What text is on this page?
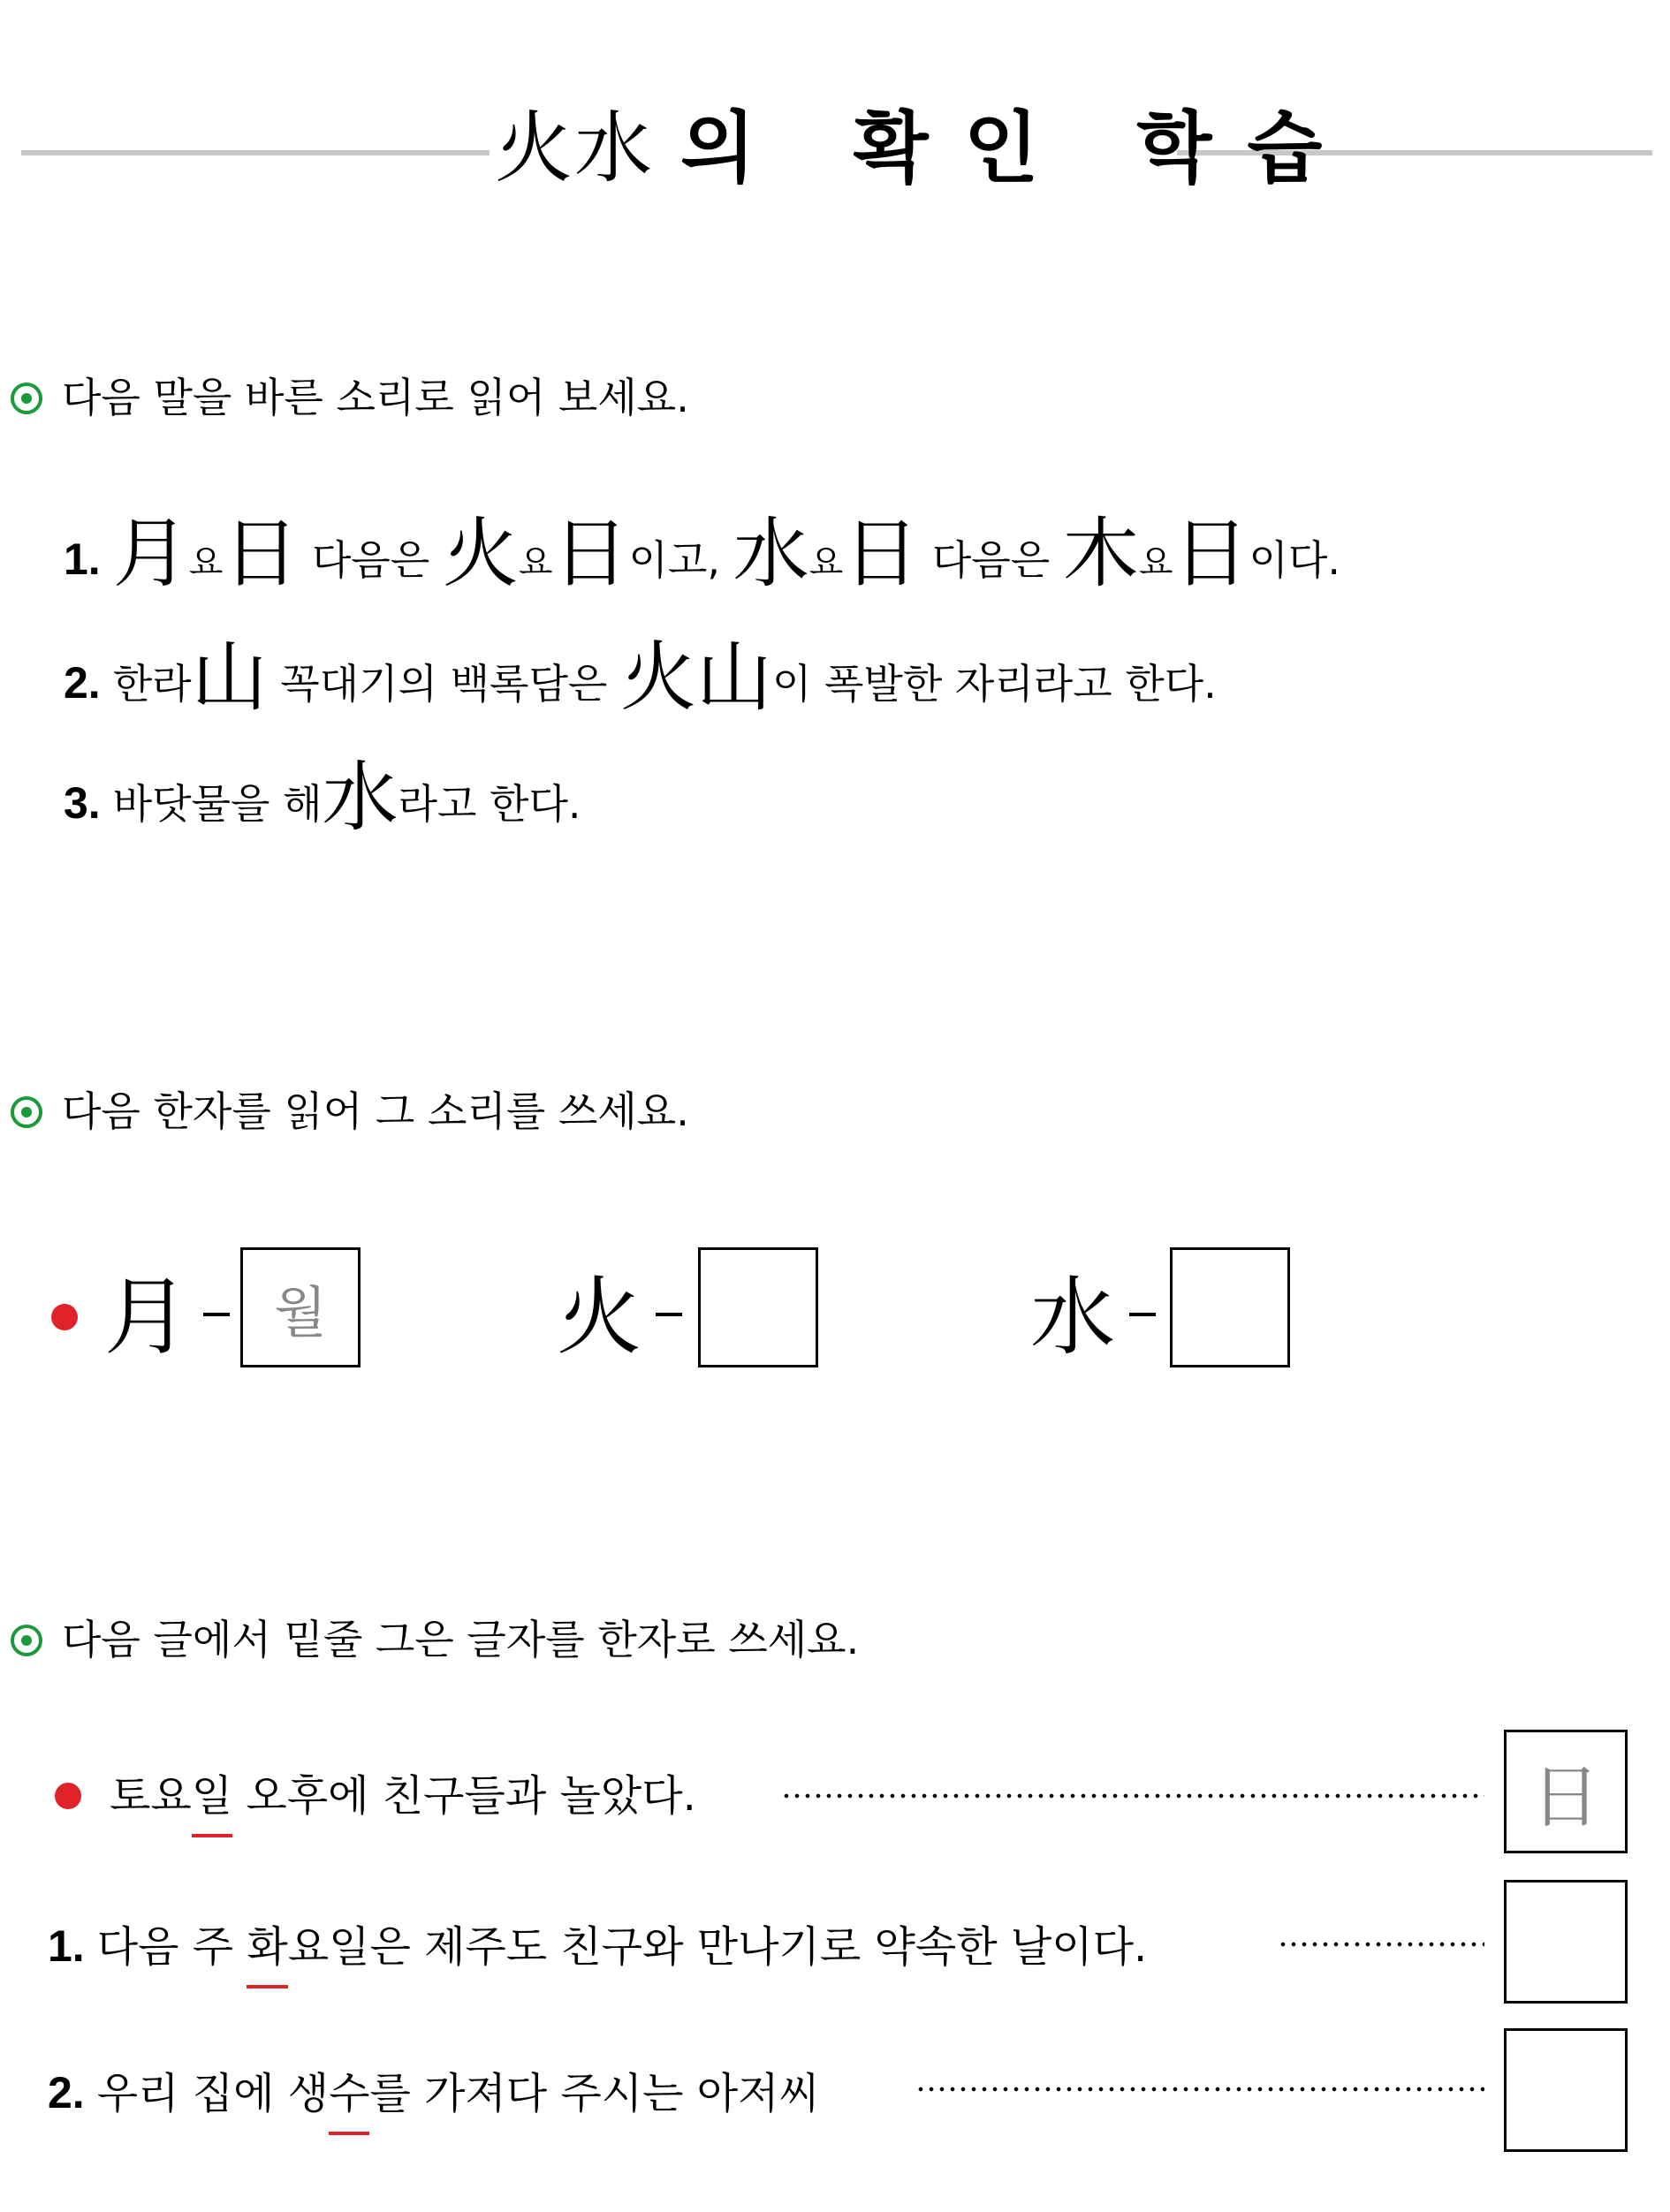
火水 의 확인 학습
다음 말을 바른 소리로 읽어 보세요.
1. 月요日 다음은 火요日이고, 水요日 다음은 木요日이다.
2. 한라山 꼭대기의 백록담은 火山이 폭발한 자리라고 한다.
3. 바닷물을 해水라고 한다.
다음 한자를 읽어 그 소리를 쓰세요.
月 월	火	水
다음 글에서 밑줄 그은 글자를 한자로 쓰세요.
토요일 오후에 친구들과 놀았다.	日
1. 다음 주 화요일은 제주도 친구와 만나기로 약속한 날이다.
2. 우리 집에 생수를 가져다 주시는 아저씨
